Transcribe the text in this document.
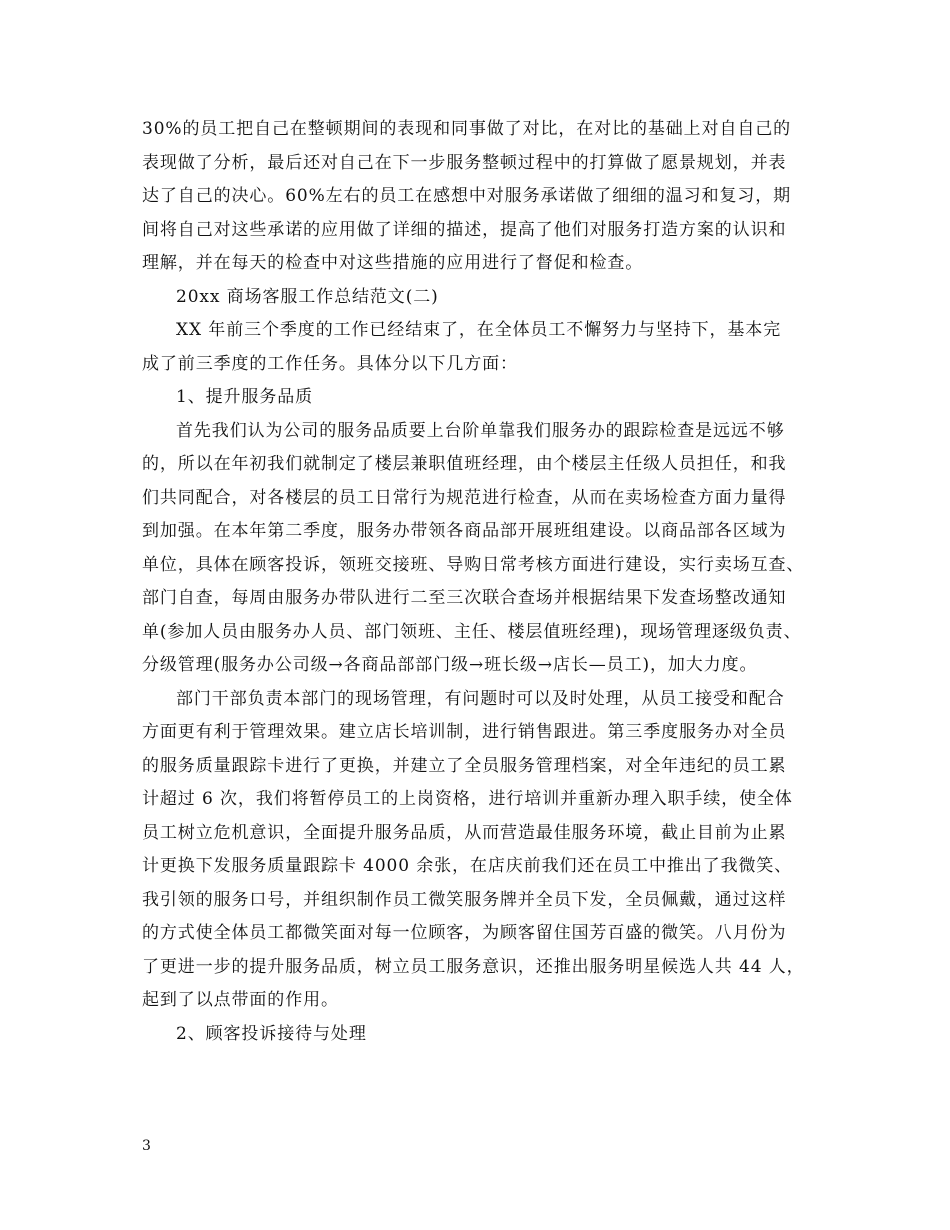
30%的员工把自己在整顿期间的表现和同事做了对比，在对比的基础上对自自己的
表现做了分析，最后还对自己在下一步服务整顿过程中的打算做了愿景规划，并表
达了自己的决心。60%左右的员工在感想中对服务承诺做了细细的温习和复习，期
间将自己对这些承诺的应用做了详细的描述，提高了他们对服务打造方案的认识和
理解，并在每天的检查中对这些措施的应用进行了督促和检查。
20xx 商场客服工作总结范文(二)
XX 年前三个季度的工作已经结束了，在全体员工不懈努力与坚持下，基本完
成了前三季度的工作任务。具体分以下几方面：
1、提升服务品质
首先我们认为公司的服务品质要上台阶单靠我们服务办的跟踪检查是远远不够
的，所以在年初我们就制定了楼层兼职值班经理，由个楼层主任级人员担任，和我
们共同配合，对各楼层的员工日常行为规范进行检查，从而在卖场检查方面力量得
到加强。在本年第二季度，服务办带领各商品部开展班组建设。以商品部各区域为
单位，具体在顾客投诉，领班交接班、导购日常考核方面进行建设，实行卖场互查、
部门自查，每周由服务办带队进行二至三次联合查场并根据结果下发查场整改通知
单(参加人员由服务办人员、部门领班、主任、楼层值班经理)，现场管理逐级负责、
分级管理(服务办公司级→各商品部部门级→班长级→店长—员工)，加大力度。
部门干部负责本部门的现场管理，有问题时可以及时处理，从员工接受和配合
方面更有利于管理效果。建立店长培训制，进行销售跟进。第三季度服务办对全员
的服务质量跟踪卡进行了更换，并建立了全员服务管理档案，对全年违纪的员工累
计超过 6 次，我们将暂停员工的上岗资格，进行培训并重新办理入职手续，使全体
员工树立危机意识，全面提升服务品质，从而营造最佳服务环境，截止目前为止累
计更换下发服务质量跟踪卡 4000 余张，在店庆前我们还在员工中推出了我微笑、
我引领的服务口号，并组织制作员工微笑服务牌并全员下发，全员佩戴，通过这样
的方式使全体员工都微笑面对每一位顾客，为顾客留住国芳百盛的微笑。八月份为
了更进一步的提升服务品质，树立员工服务意识，还推出服务明星候选人共 44 人，
起到了以点带面的作用。
2、顾客投诉接待与处理
3
